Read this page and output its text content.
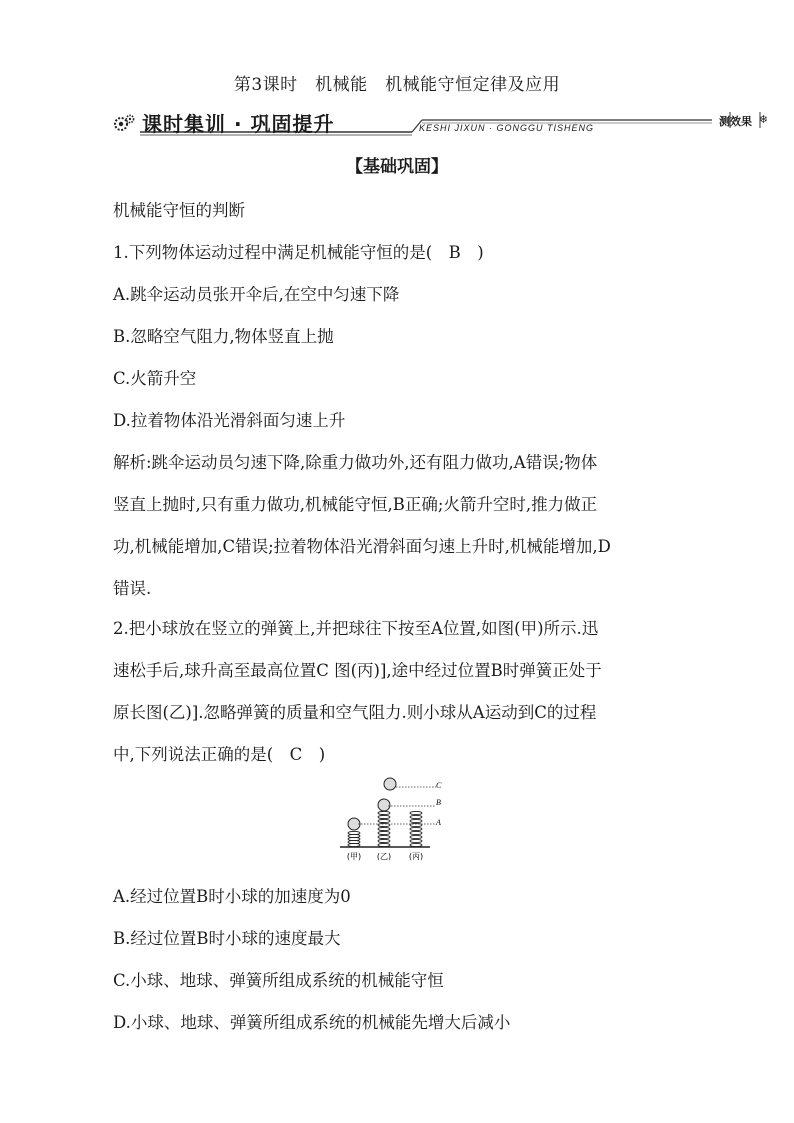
第3课时　机械能　机械能守恒定律及应用
课时集训 · 巩固提升	KESHI JIXUN · GONGGU TISHENG	测效果 ❄
【基础巩固】
机械能守恒的判断
1.下列物体运动过程中满足机械能守恒的是(　B　)
A.跳伞运动员张开伞后,在空中匀速下降
B.忽略空气阻力,物体竖直上抛
C.火箭升空
D.拉着物体沿光滑斜面匀速上升
解析:跳伞运动员匀速下降,除重力做功外,还有阻力做功,A错误;物体
竖直上抛时,只有重力做功,机械能守恒,B正确;火箭升空时,推力做正
功,机械能增加,C错误;拉着物体沿光滑斜面匀速上升时,机械能增加,D
错误.
2.把小球放在竖立的弹簧上,并把球往下按至A位置,如图(甲)所示.迅
速松手后,球升高至最高位置C 图(丙)],途中经过位置B时弹簧正处于
原长图(乙)].忽略弹簧的质量和空气阻力.则小球从A运动到C的过程
中,下列说法正确的是(　C　)
C
B
A
(甲) (乙) (丙)
A.经过位置B时小球的加速度为0
B.经过位置B时小球的速度最大
C.小球、地球、弹簧所组成系统的机械能守恒
D.小球、地球、弹簧所组成系统的机械能先增大后减小
